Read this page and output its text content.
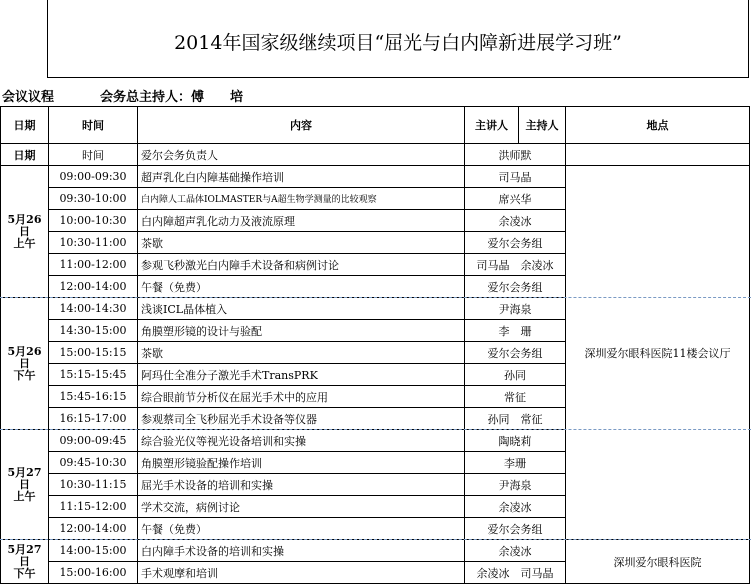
2014年国家级继续项目“屈光与白内障新进展学习班”
会议议程	会务总主持人：傅　　培
日期	时间	内容	主讲人	主持人	地点
日期	时间	爱尔会务负责人	洪师默		

5月26
日
上午	09:00-09:30	超声乳化白内障基础操作培训	司马晶		深圳爱尔眼科医院11楼会议厅
	09:30-10:00	白内障人工晶体IOLMASTER与A超生物学测量的比较观察	席兴华		
	10:00-10:30	白内障超声乳化动力及液流原理	余凌冰		
	10:30-11:00	茶歇	爱尔会务组		
	11:00-12:00	参观飞秒激光白内障手术设备和病例讨论	司马晶　余凌冰		
	12:00-14:00	午餐（免费）	爱尔会务组		

5月26
日
下午	14:00-14:30	浅谈ICL晶体植入	尹海泉		
	14:30-15:00	角膜塑形镜的设计与验配	李　珊		
	15:00-15:15	茶歇	爱尔会务组		
	15:15-15:45	阿玛仕全准分子激光手术TransPRK	孙同		
	15:45-16:15	综合眼前节分析仪在屈光手术中的应用	常征		
	16:15-17:00	参观蔡司全飞秒屈光手术设备等仪器	孙同　常征		

5月27
日
上午	09:00-09:45	综合验光仪等视光设备培训和实操	陶晓莉		
	09:45-10:30	角膜塑形镜验配操作培训	李珊		
	10:30-11:15	屈光手术设备的培训和实操	尹海泉		
	11:15-12:00	学术交流，病例讨论	余凌冰		
	12:00-14:00	午餐（免费）	爱尔会务组		

5月27
日
下午	14:00-15:00	白内障手术设备的培训和实操	余凌冰		深圳爱尔眼科医院
	15:00-16:00	手术观摩和培训	余凌冰　司马晶		
